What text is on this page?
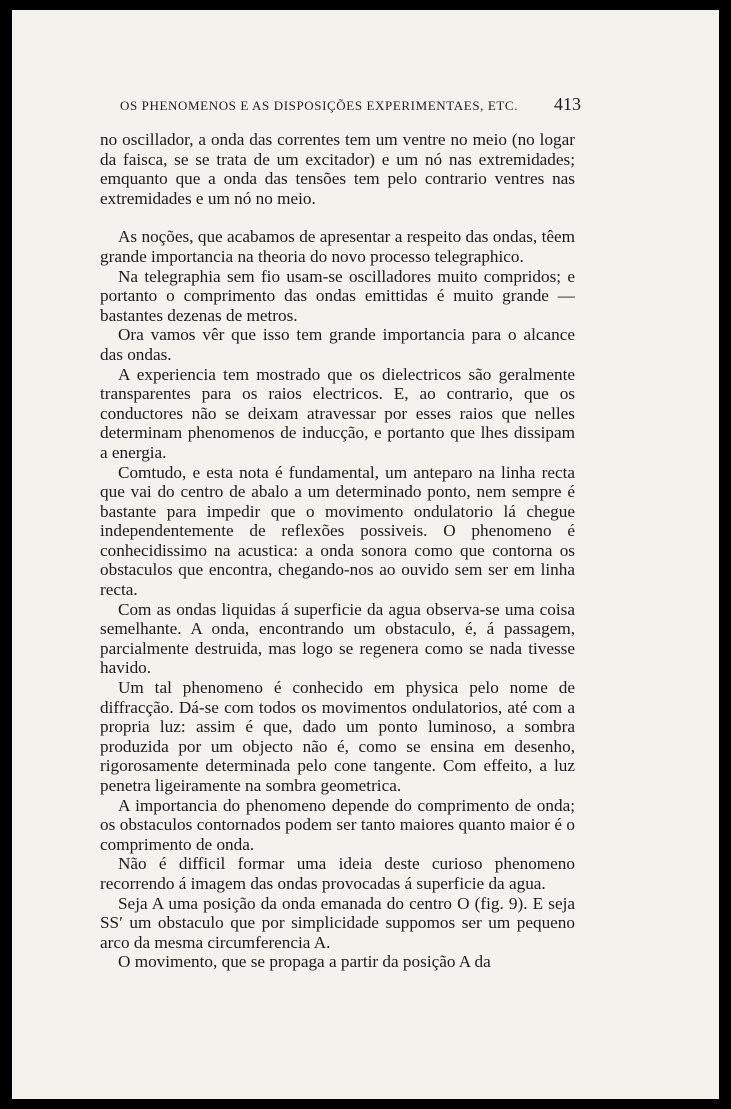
OS PHENOMENOS E AS DISPOSIÇÕES EXPERIMENTAES, ETC. 413

no oscillador, a onda das correntes tem um ventre no meio (no logar da faisca, se se trata de um excitador) e um nó nas extremidades; emquanto que a onda das tensões tem pelo contrario ventres nas extremidades e um nó no meio.

As noções, que acabamos de apresentar a respeito das ondas, têem grande importancia na theoria do novo processo telegraphico.

Na telegraphia sem fio usam-se oscilladores muito compridos; e portanto o comprimento das ondas emittidas é muito grande — bastantes dezenas de metros.

Ora vamos vêr que isso tem grande importancia para o alcance das ondas.

A experiencia tem mostrado que os dielectricos são geralmente transparentes para os raios electricos. E, ao contrario, que os conductores não se deixam atravessar por esses raios que nelles determinam phenomenos de inducção, e portanto que lhes dissipam a energia.

Comtudo, e esta nota é fundamental, um anteparo na linha recta que vai do centro de abalo a um determinado ponto, nem sempre é bastante para impedir que o movimento ondulatorio lá chegue independentemente de reflexões possiveis. O phenomeno é conhecidissimo na acustica: a onda sonora como que contorna os obstaculos que encontra, chegando-nos ao ouvido sem ser em linha recta.

Com as ondas liquidas á superficie da agua observa-se uma coisa semelhante. A onda, encontrando um obstaculo, é, á passagem, parcialmente destruida, mas logo se regenera como se nada tivesse havido.

Um tal phenomeno é conhecido em physica pelo nome de diffracção. Dá-se com todos os movimentos ondulatorios, até com a propria luz: assim é que, dado um ponto luminoso, a sombra produzida por um objecto não é, como se ensina em desenho, rigorosamente determinada pelo cone tangente. Com effeito, a luz penetra ligeiramente na sombra geometrica.

A importancia do phenomeno depende do comprimento de onda; os obstaculos contornados podem ser tanto maiores quanto maior é o comprimento de onda.

Não é difficil formar uma ideia deste curioso phenomeno recorrendo á imagem das ondas provocadas á superficie da agua.

Seja A uma posição da onda emanada do centro O (fig. 9). E seja SS′ um obstaculo que por simplicidade suppomos ser um pequeno arco da mesma circumferencia A.

O movimento, que se propaga a partir da posição A da
